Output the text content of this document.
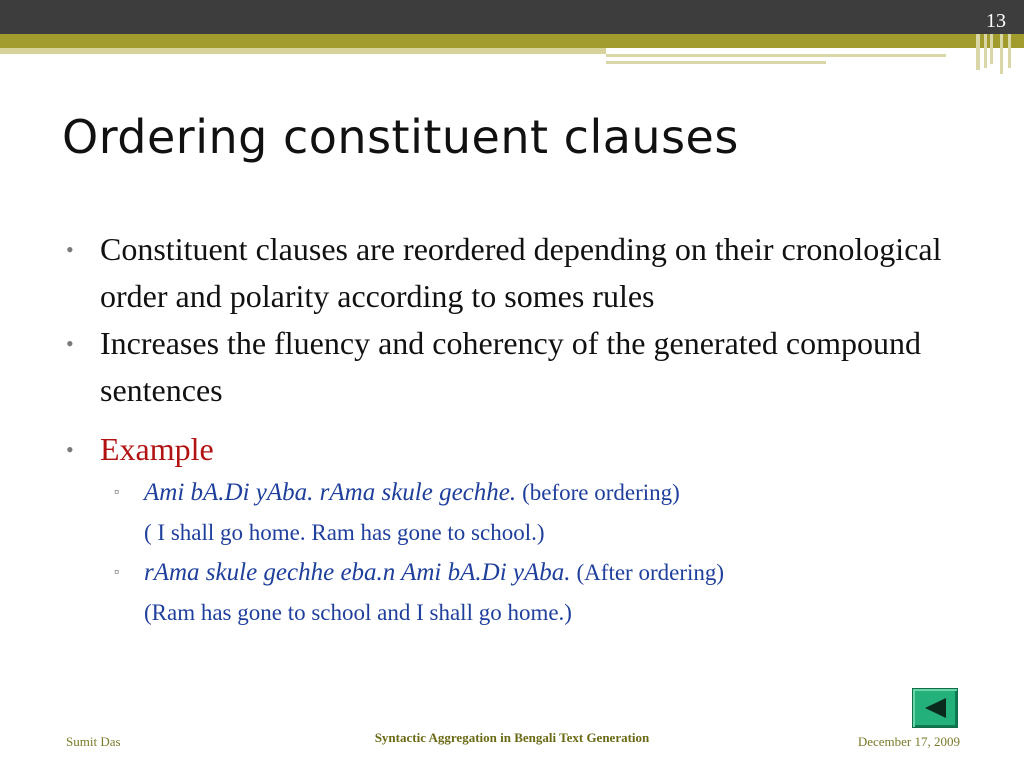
13
Ordering constituent clauses
• Constituent clauses are reordered depending on their cronological order and polarity according to somes rules
• Increases the fluency and coherency of the generated compound sentences
• Example
▫ Ami bA.Di yAba. rAma skule gechhe. (before ordering)
( I shall go home. Ram has gone to school.)
▫ rAma skule gechhe eba.n Ami bA.Di yAba. (After ordering)
(Ram has gone to school and I shall go home.)
Sumit Das	Syntactic Aggregation in Bengali Text Generation	December 17, 2009
